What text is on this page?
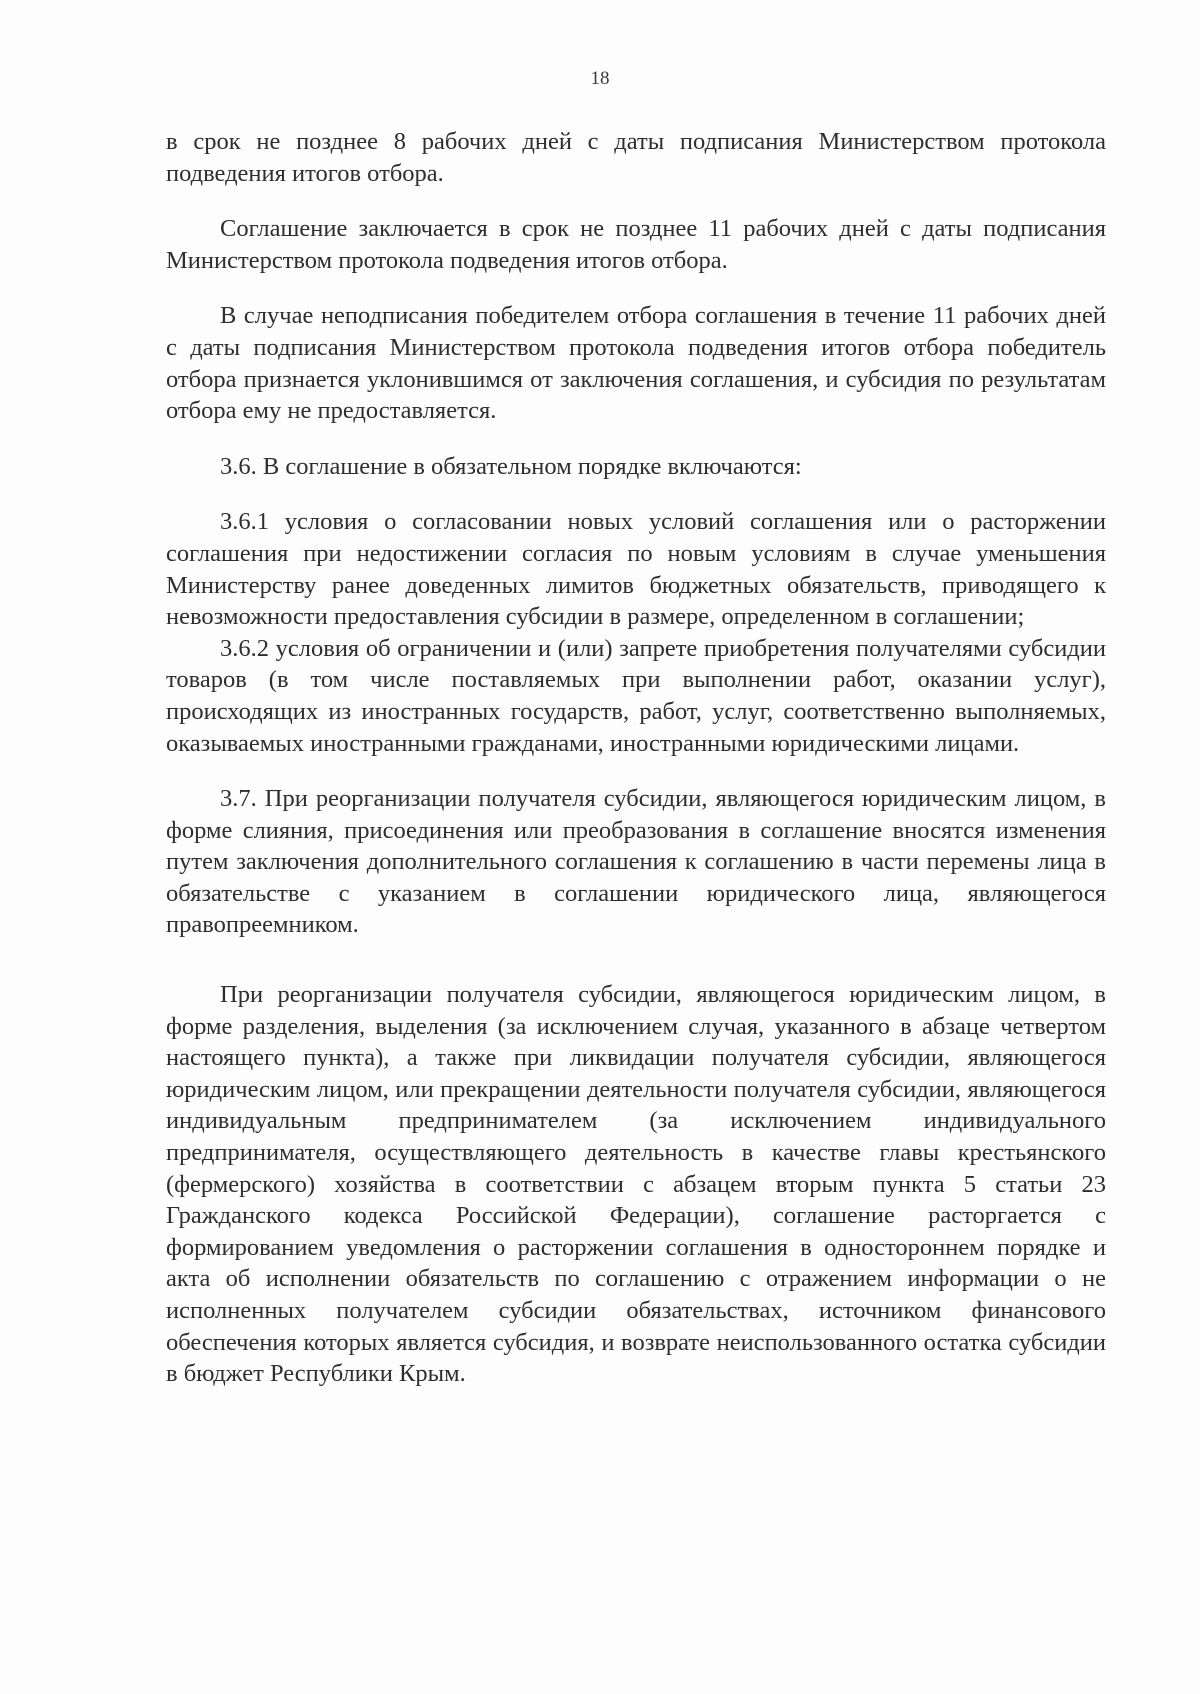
18

в срок не позднее 8 рабочих дней с даты подписания Министерством протокола подведения итогов отбора.

Соглашение заключается в срок не позднее 11 рабочих дней с даты подписания Министерством протокола подведения итогов отбора.

В случае неподписания победителем отбора соглашения в течение 11 рабочих дней с даты подписания Министерством протокола подведения итогов отбора победитель отбора признается уклонившимся от заключения соглашения, и субсидия по результатам отбора ему не предоставляется.

3.6. В соглашение в обязательном порядке включаются:

3.6.1 условия о согласовании новых условий соглашения или о расторжении соглашения при недостижении согласия по новым условиям в случае уменьшения Министерству ранее доведенных лимитов бюджетных обязательств, приводящего к невозможности предоставления субсидии в размере, определенном в соглашении;

3.6.2 условия об ограничении и (или) запрете приобретения получателями субсидии товаров (в том числе поставляемых при выполнении работ, оказании услуг), происходящих из иностранных государств, работ, услуг, соответственно выполняемых, оказываемых иностранными гражданами, иностранными юридическими лицами.

3.7. При реорганизации получателя субсидии, являющегося юридическим лицом, в форме слияния, присоединения или преобразования в соглашение вносятся изменения путем заключения дополнительного соглашения к соглашению в части перемены лица в обязательстве с указанием в соглашении юридического лица, являющегося правопреемником.

При реорганизации получателя субсидии, являющегося юридическим лицом, в форме разделения, выделения (за исключением случая, указанного в абзаце четвертом настоящего пункта), а также при ликвидации получателя субсидии, являющегося юридическим лицом, или прекращении деятельности получателя субсидии, являющегося индивидуальным предпринимателем (за исключением индивидуального предпринимателя, осуществляющего деятельность в качестве главы крестьянского (фермерского) хозяйства в соответствии с абзацем вторым пункта 5 статьи 23 Гражданского кодекса Российской Федерации), соглашение расторгается с формированием уведомления о расторжении соглашения в одностороннем порядке и акта об исполнении обязательств по соглашению с отражением информации о не исполненных получателем субсидии обязательствах, источником финансового обеспечения которых является субсидия, и возврате неиспользованного остатка субсидии в бюджет Республики Крым.
